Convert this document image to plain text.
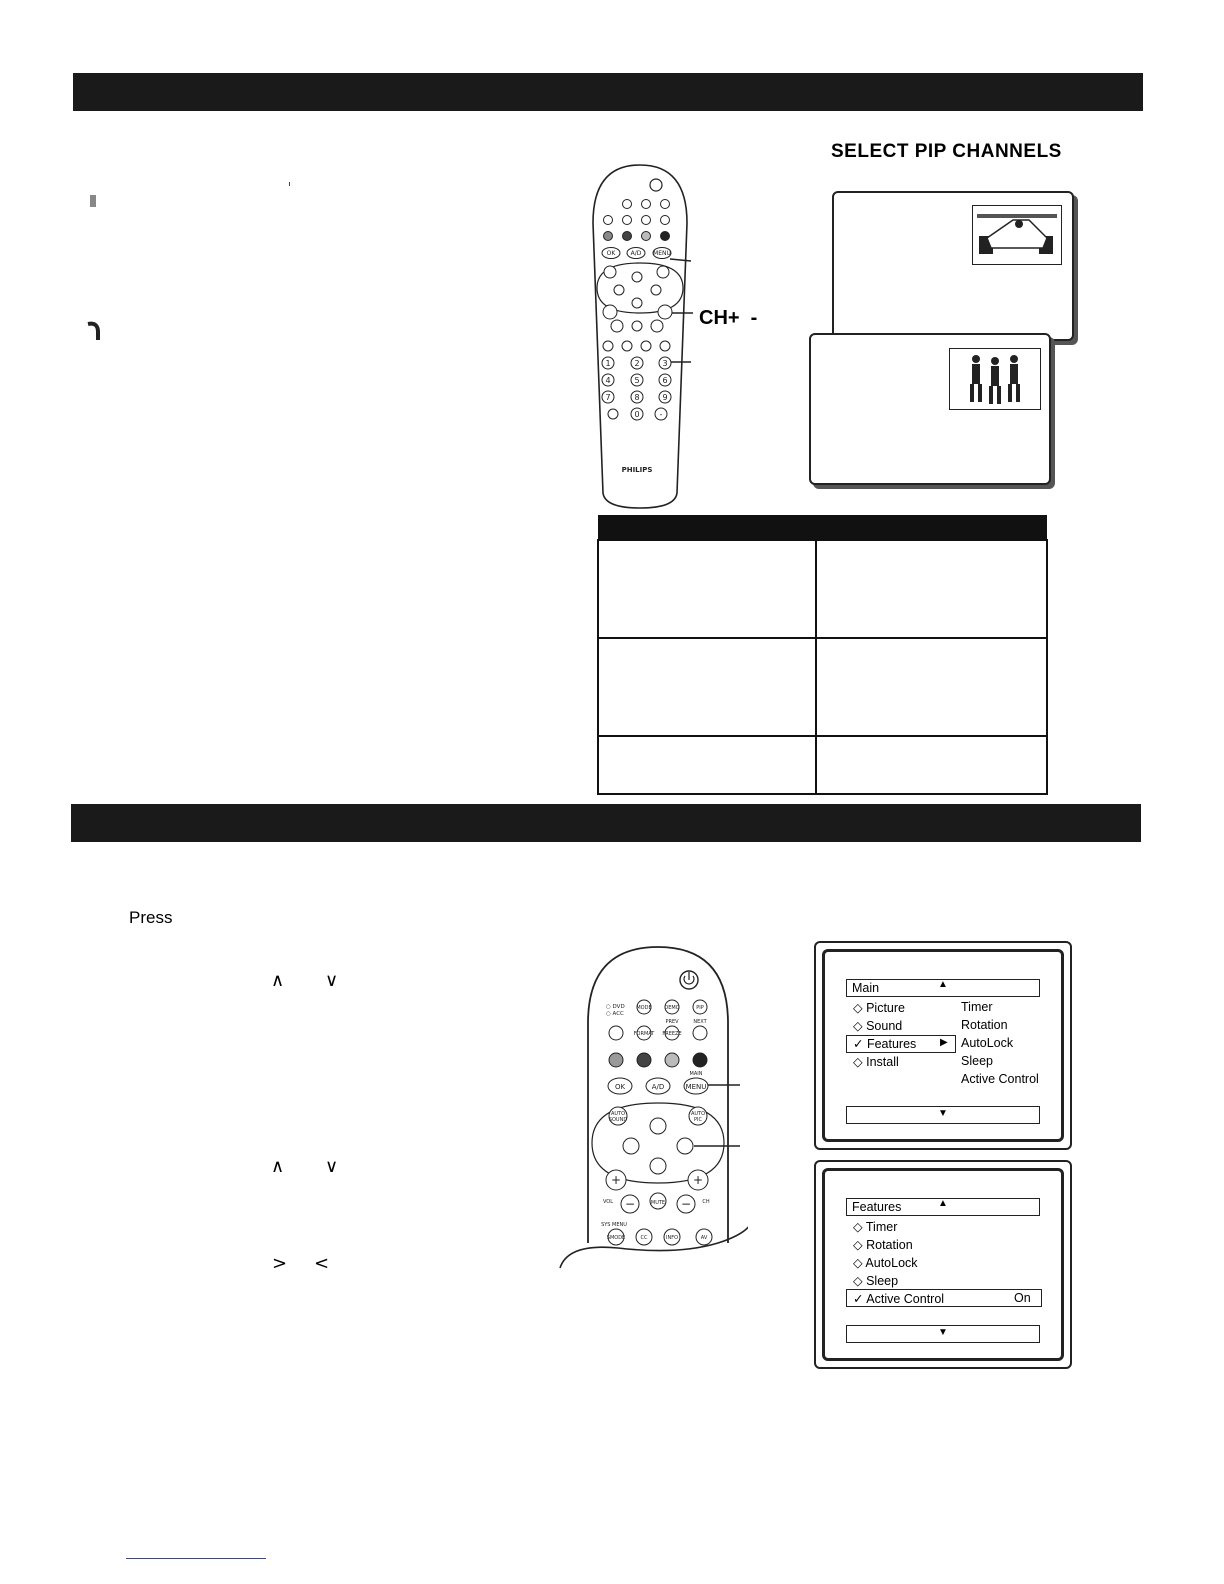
SELECT PIP CHANNELS
OK	A/D MENU
1	2	3
4	5	6
7	8	9
0	-
PHILIPS
CH+  -

Press
∧ ∨
∧ ∨
> <
○ DVD
○ ACC
MODE	DEMO	PIP
PREV	NEXT
FORMAT FREEZE
OK	A/D	MENU
MAIN
AUTO
SOUND
AUTO
PIC
MUTE
VOL	CH
SYS MENU
SMODE	CC	INFO	AV
+	+
−	−
Main	▲
◇ Picture
◇ Sound
✓ Features ▶
◇ Install
Timer
Rotation
AutoLock
Sleep
Active Control
▼
Features	▲
◇ Timer
◇ Rotation
◇ AutoLock
◇ Sleep
✓ Active Control	On
▼
